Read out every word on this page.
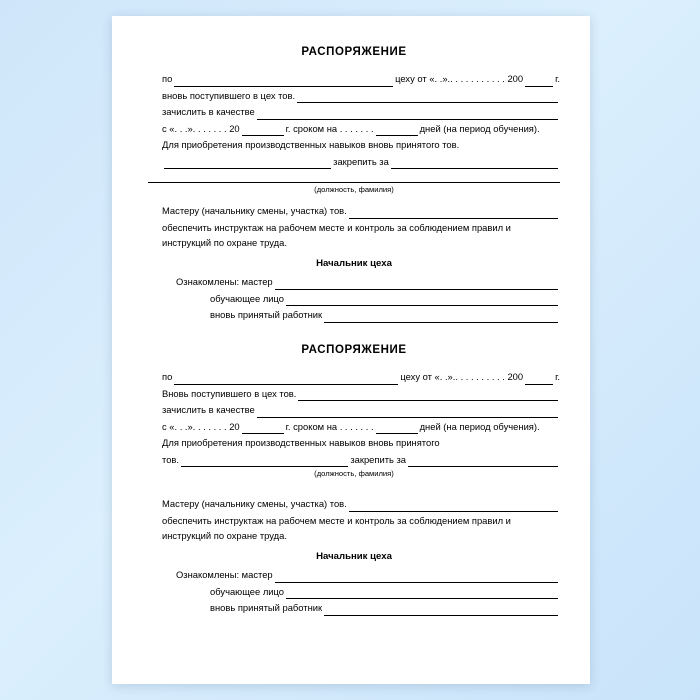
РАСПОРЯЖЕНИЕ
по	цеху от «. .».. . . . . . . . . . . 200	г.
вновь поступившего в цех тов.
зачислить в качестве
с «. . .». . . . . . . 20	г. сроком на . . . . . . .	дней (на период обучения).
Для приобретения производственных навыков вновь принятого тов.
закрепить за
(должность, фамилия)
Мастеру (начальнику смены, участка) тов.
обеспечить инструктаж на рабочем месте и контроль за соблюдением правил и
инструкций по охране труда.
Начальник цеха
Ознакомлены: мастер
обучающее лицо
вновь принятый работник
РАСПОРЯЖЕНИЕ
по	цеху от «. .».. . . . . . . . . . 200	г.
Вновь поступившего в цех тов.
зачислить в качестве
с «. . .». . . . . . . 20	г. сроком на . . . . . . .	дней (на период обучения).
Для приобретения производственных навыков вновь принятого
тов.	закрепить за
(должность, фамилия)
Мастеру (начальнику смены, участка) тов.
обеспечить инструктаж на рабочем месте и контроль за соблюдением правил и
инструкций по охране труда.
Начальник цеха
Ознакомлены: мастер
обучающее лицо
вновь принятый работник
